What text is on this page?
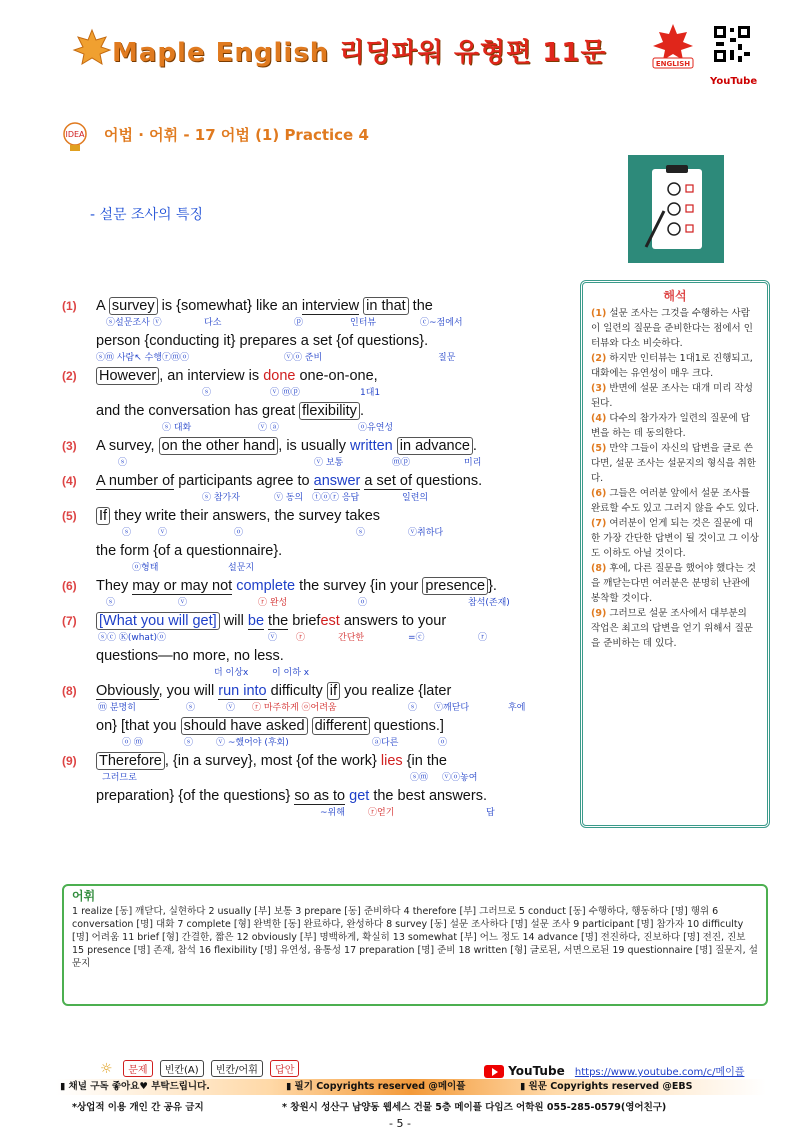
Maple English 리딩파워 유형편 11문	ENGLISH
YouTube
IDEA 어법 · 어휘 - 17 어법 (1) Practice 4
- 설문 조사의 특징
(1) A survey is {somewhat} like an interview in that the
ⓢ설문조사 ⓥ	다소	ⓟ	인터뷰	ⓒ~점에서
person {conducting it} prepares a set {of questions}.
ⓢⓜ 사람↖ 수행ⓡⓜⓞ	ⓥⓞ 준비	질문
(2) However , an interview is done one-on-one,
ⓢ	ⓥ ⓜⓟ	1대1
and the conversation has great flexibility .
ⓢ 대화	ⓥ ⓐ	ⓞ유연성
(3) A survey, on the other hand , is usually written in advance .
ⓢ	ⓥ 보통	ⓜⓟ	미리
(4) A number of participants agree to answer a set of questions.
ⓢ 참가자	ⓥ 동의 ⓣⓞⓡ 응답	일련의
(5) If they write their answers, the survey takes
ⓢ	ⓥ	ⓞ	ⓢ	ⓥ취하다
the form {of a questionnaire}.
ⓞ형태	설문지
(6) They may or may not complete the survey {in your presence }.
ⓢ	ⓥ	ⓡ 완성	ⓞ	참석(존재)
(7) [What you will get] will be the briefest answers to your
ⓢⓒ Ⓚ(what)ⓞ	ⓥ ⓡ	간단한	=ⓒ	ⓡ
questions—no more, no less.
더 이상x	이 이하 x
(8) Obviously, you will run into difficulty if you realize {later
ⓜ 분명히	ⓢ	ⓥ ⓡ 마주하게 ⓞ어려움	ⓢ ⓥ깨닫다	후에
on} [that you should have asked different questions.]
ⓞ ⓜ	ⓢ	ⓥ ~했어야 (후회)	ⓐ다른	ⓞ
(9) Therefore , {in a survey}, most {of the work} lies {in the
그러므로	ⓢⓜ ⓥⓞ놓여
preparation} {of the questions} so as to get the best answers.
~위해	ⓡ얻기	답
해석

(1) 설문 조사는 그것을 수행하는 사람이 일련의 질문을 준비한다는 점에서 인터뷰와 다소 비슷하다.

(2) 하지만 인터뷰는 1대1로 진행되고, 대화에는 유연성이 매우 크다.

(3) 반면에 설문 조사는 대개 미리 작성된다.

(4) 다수의 참가자가 일련의 질문에 답변을 하는 데 동의한다.

(5) 만약 그들이 자신의 답변을 글로 쓴다면, 설문 조사는 설문지의 형식을 취한다.

(6) 그들은 여러분 앞에서 설문 조사를 완료할 수도 있고 그러지 않을 수도 있다.

(7) 여러분이 얻게 되는 것은 질문에 대한 가장 간단한 답변이 될 것이고 그 이상도 이하도 아닐 것이다.

(8) 후에, 다른 질문을 했어야 했다는 것을 깨닫는다면 여러분은 분명히 난관에 봉착할 것이다.

(9) 그러므로 설문 조사에서 대부분의 작업은 최고의 답변을 얻기 위해서 질문을 준비하는 데 있다.

어휘
1 realize [동] 깨닫다, 실현하다 2 usually [부] 보통 3 prepare [동] 준비하다 4 therefore [부] 그러므로 5 conduct [동] 수행하다, 행동하다 [명] 행위 6 conversation [명] 대화 7 complete [형] 완벽한 [동] 완료하다, 완성하다 8 survey [동] 설문 조사하다 [명] 설문 조사 9 participant [명] 참가자 10 difficulty [명] 어려움 11 brief [형] 간결한, 짧은 12 obviously [부] 명백하게, 확실히 13 somewhat [부] 어느 정도 14 advance [명] 전진하다, 진보하다 [명] 전진, 진보 15 presence [명] 존재, 참석 16 flexibility [명] 유연성, 융통성 17 preparation [명] 준비 18 written [형] 글로된, 서면으로된 19 questionnaire [명] 질문지, 설문지
☼ 문제 빈칸(A) 빈칸/어휘 답안	YouTube https://www.youtube.com/c/메이플
▮ 채널 구독 좋아요♥ 부탁드립니다.	▮ 필기 Copyrights reserved @메이플	▮ 원문 Copyrights reserved @EBS
*상업적 이용 개인 간 공유 금지	* 창원시 성산구 남양동 웹세스 건물 5층 메이플 다임즈 어학원 055-285-0579(영어친구)
- 5 -
